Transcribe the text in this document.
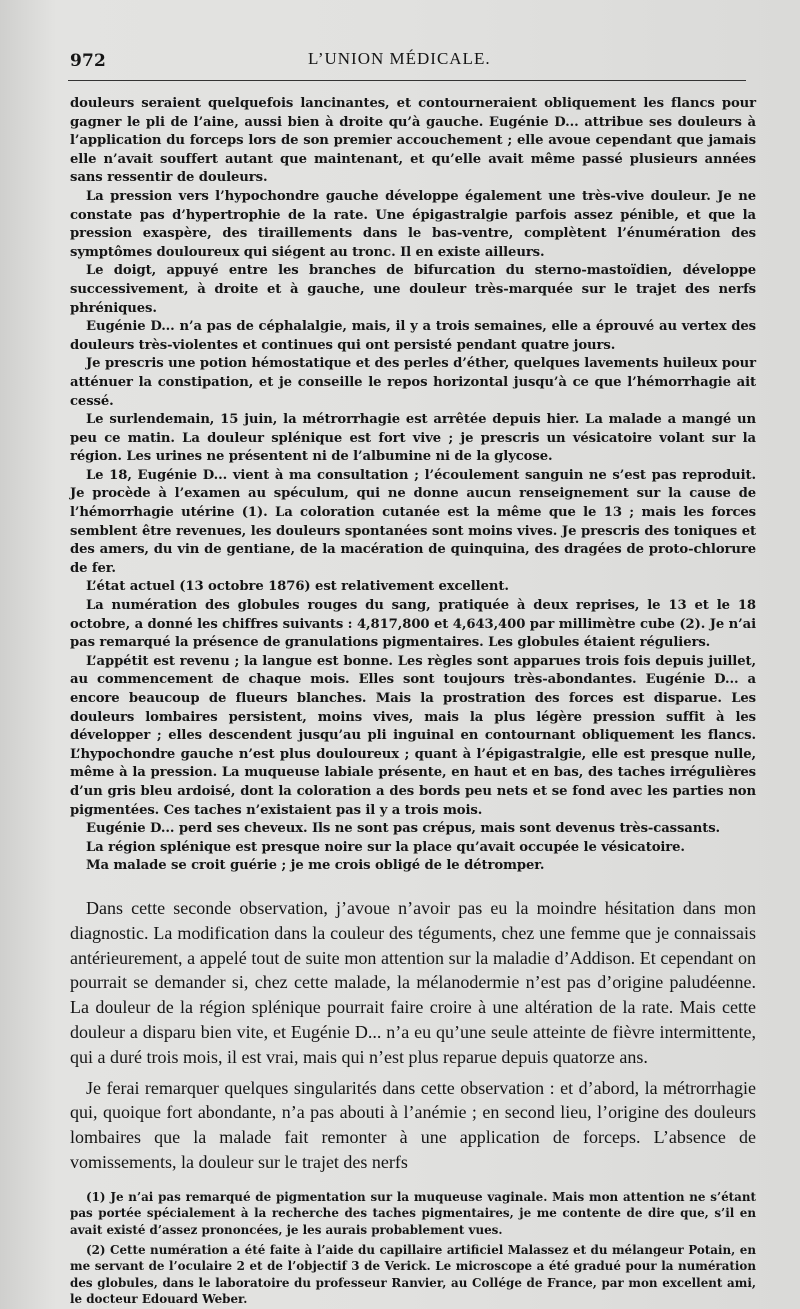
972	L’UNION MÉDICALE.

douleurs seraient quelquefois lancinantes, et contourneraient obliquement les flancs pour gagner le pli de l’aine, aussi bien à droite qu’à gauche. Eugénie D... attribue ses douleurs à l’application du forceps lors de son premier accouchement ; elle avoue cependant que jamais elle n’avait souffert autant que maintenant, et qu’elle avait même passé plusieurs années sans ressentir de douleurs.

La pression vers l’hypochondre gauche développe également une très-vive douleur. Je ne constate pas d’hypertrophie de la rate. Une épigastralgie parfois assez pénible, et que la pression exaspère, des tiraillements dans le bas-ventre, complètent l’énumération des symptômes douloureux qui siégent au tronc. Il en existe ailleurs.

Le doigt, appuyé entre les branches de bifurcation du sterno-mastoïdien, développe successivement, à droite et à gauche, une douleur très-marquée sur le trajet des nerfs phréniques.

Eugénie D... n’a pas de céphalalgie, mais, il y a trois semaines, elle a éprouvé au vertex des douleurs très-violentes et continues qui ont persisté pendant quatre jours.

Je prescris une potion hémostatique et des perles d’éther, quelques lavements huileux pour atténuer la constipation, et je conseille le repos horizontal jusqu’à ce que l’hémorrhagie ait cessé.

Le surlendemain, 15 juin, la métrorrhagie est arrêtée depuis hier. La malade a mangé un peu ce matin. La douleur splénique est fort vive ; je prescris un vésicatoire volant sur la région. Les urines ne présentent ni de l’albumine ni de la glycose.

Le 18, Eugénie D... vient à ma consultation ; l’écoulement sanguin ne s’est pas reproduit. Je procède à l’examen au spéculum, qui ne donne aucun renseignement sur la cause de l’hémorrhagie utérine (1). La coloration cutanée est la même que le 13 ; mais les forces semblent être revenues, les douleurs spontanées sont moins vives. Je prescris des toniques et des amers, du vin de gentiane, de la macération de quinquina, des dragées de proto-chlorure de fer.

L’état actuel (13 octobre 1876) est relativement excellent.

La numération des globules rouges du sang, pratiquée à deux reprises, le 13 et le 18 octobre, a donné les chiffres suivants : 4,817,800 et 4,643,400 par millimètre cube (2). Je n’ai pas remarqué la présence de granulations pigmentaires. Les globules étaient réguliers.

L’appétit est revenu ; la langue est bonne. Les règles sont apparues trois fois depuis juillet, au commencement de chaque mois. Elles sont toujours très-abondantes. Eugénie D... a encore beaucoup de flueurs blanches. Mais la prostration des forces est disparue. Les douleurs lombaires persistent, moins vives, mais la plus légère pression suffit à les développer ; elles descendent jusqu’au pli inguinal en contournant obliquement les flancs. L’hypochondre gauche n’est plus douloureux ; quant à l’épigastralgie, elle est presque nulle, même à la pression. La muqueuse labiale présente, en haut et en bas, des taches irrégulières d’un gris bleu ardoisé, dont la coloration a des bords peu nets et se fond avec les parties non pigmentées. Ces taches n’existaient pas il y a trois mois.

Eugénie D... perd ses cheveux. Ils ne sont pas crépus, mais sont devenus très-cassants.

La région splénique est presque noire sur la place qu’avait occupée le vésicatoire.

Ma malade se croit guérie ; je me crois obligé de le détromper.

Dans cette seconde observation, j’avoue n’avoir pas eu la moindre hésitation dans mon diagnostic. La modification dans la couleur des téguments, chez une femme que je connaissais antérieurement, a appelé tout de suite mon attention sur la maladie d’Addison. Et cependant on pourrait se demander si, chez cette malade, la mélanodermie n’est pas d’origine paludéenne. La douleur de la région splénique pourrait faire croire à une altération de la rate. Mais cette douleur a disparu bien vite, et Eugénie D... n’a eu qu’une seule atteinte de fièvre intermittente, qui a duré trois mois, il est vrai, mais qui n’est plus reparue depuis quatorze ans.

Je ferai remarquer quelques singularités dans cette observation : et d’abord, la métrorrhagie qui, quoique fort abondante, n’a pas abouti à l’anémie ; en second lieu, l’origine des douleurs lombaires que la malade fait remonter à une application de forceps. L’absence de vomissements, la douleur sur le trajet des nerfs

(1) Je n’ai pas remarqué de pigmentation sur la muqueuse vaginale. Mais mon attention ne s’étant pas portée spécialement à la recherche des taches pigmentaires, je me contente de dire que, s’il en avait existé d’assez prononcées, je les aurais probablement vues.

(2) Cette numération a été faite à l’aide du capillaire artificiel Malassez et du mélangeur Potain, en me servant de l’oculaire 2 et de l’objectif 3 de Verick. Le microscope a été gradué pour la numération des globules, dans le laboratoire du professeur Ranvier, au Collége de France, par mon excellent ami, le docteur Edouard Weber.
